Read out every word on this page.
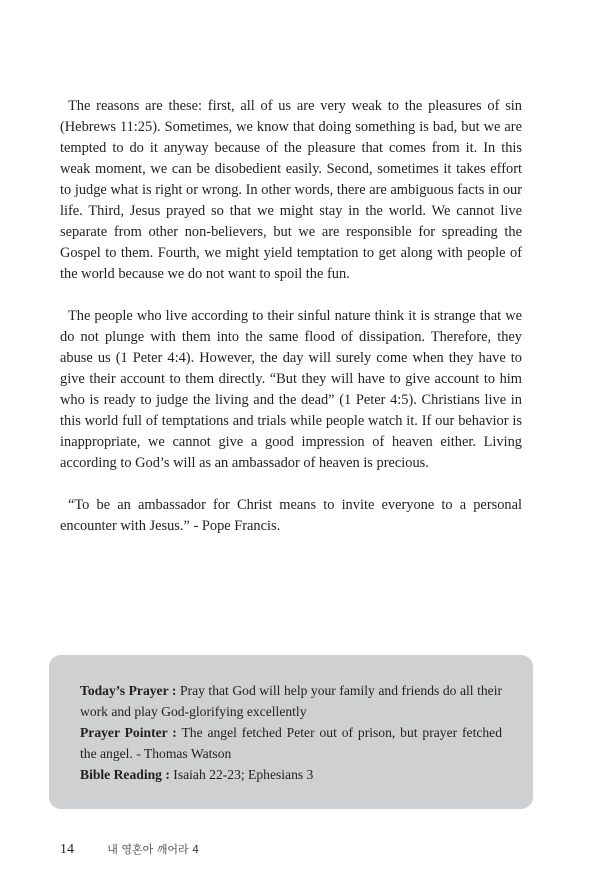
The reasons are these: first, all of us are very weak to the pleasures of sin (Hebrews 11:25). Sometimes, we know that doing something is bad, but we are tempted to do it anyway because of the pleasure that comes from it. In this weak moment, we can be disobedient easily. Second, sometimes it takes effort to judge what is right or wrong. In other words, there are ambiguous facts in our life. Third, Jesus prayed so that we might stay in the world. We cannot live separate from other non-believers, but we are responsible for spreading the Gospel to them. Fourth, we might yield temptation to get along with people of the world because we do not want to spoil the fun.

The people who live according to their sinful nature think it is strange that we do not plunge with them into the same flood of dissipation. Therefore, they abuse us (1 Peter 4:4). However, the day will surely come when they have to give their account to them directly. “But they will have to give account to him who is ready to judge the living and the dead” (1 Peter 4:5). Christians live in this world full of temptations and trials while people watch it. If our behavior is inappropriate, we cannot give a good impression of heaven either. Living according to God’s will as an ambassador of heaven is precious.

“To be an ambassador for Christ means to invite everyone to a personal encounter with Jesus.” - Pope Francis.

Today’s Prayer : Pray that God will help your family and friends do all their work and play God-glorifying excellently

Prayer Pointer : The angel fetched Peter out of prison, but prayer fetched the angel. - Thomas Watson

Bible Reading : Isaiah 22-23; Ephesians 3

14	내 영혼아 깨어라 4
